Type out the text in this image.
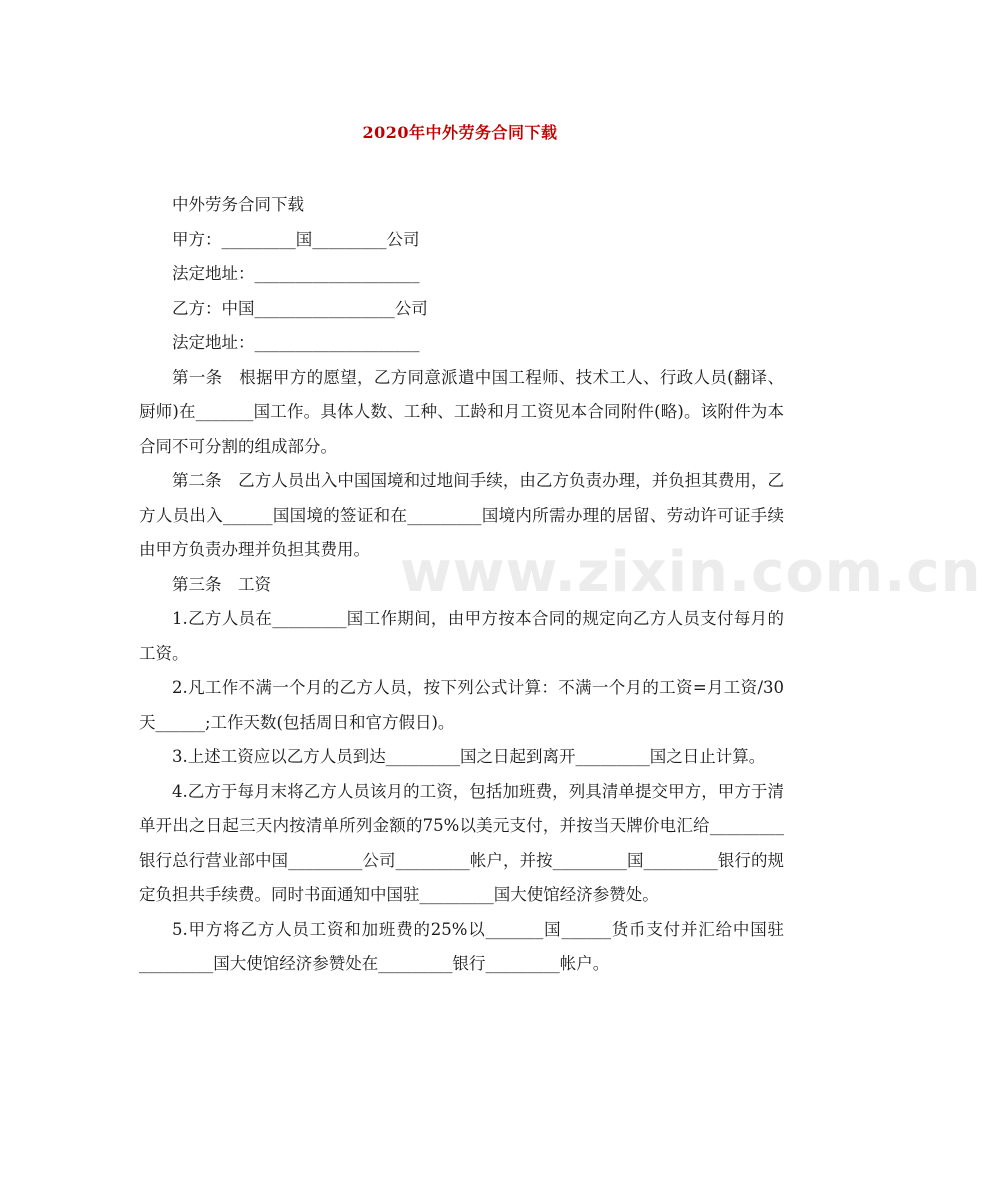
2020年中外劳务合同下载

中外劳务合同下载

甲方：_________国_________公司

法定地址：____________________

乙方：中国_________________公司

法定地址：____________________

第一条　根据甲方的愿望，乙方同意派遣中国工程师、技术工人、行政人员(翻译、厨师)在_______国工作。具体人数、工种、工龄和月工资见本合同附件(略)。该附件为本合同不可分割的组成部分。

第二条　乙方人员出入中国国境和过地间手续，由乙方负责办理，并负担其费用，乙方人员出入______国国境的签证和在_________国境内所需办理的居留、劳动许可证手续由甲方负责办理并负担其费用。

第三条　工资

1.乙方人员在_________国工作期间，由甲方按本合同的规定向乙方人员支付每月的工资。

2.凡工作不满一个月的乙方人员，按下列公式计算：不满一个月的工资=月工资/30天______;工作天数(包括周日和官方假日)。

3.上述工资应以乙方人员到达_________国之日起到离开_________国之日止计算。

4.乙方于每月末将乙方人员该月的工资，包括加班费，列具清单提交甲方，甲方于清单开出之日起三天内按清单所列金额的75%以美元支付，并按当天牌价电汇给_________银行总行营业部中国_________公司_________帐户，并按_________国_________银行的规定负担共手续费。同时书面通知中国驻_________国大使馆经济参赞处。

5.甲方将乙方人员工资和加班费的25%以_______国______货币支付并汇给中国驻_________国大使馆经济参赞处在_________银行_________帐户。

www.zixin.com.cn
